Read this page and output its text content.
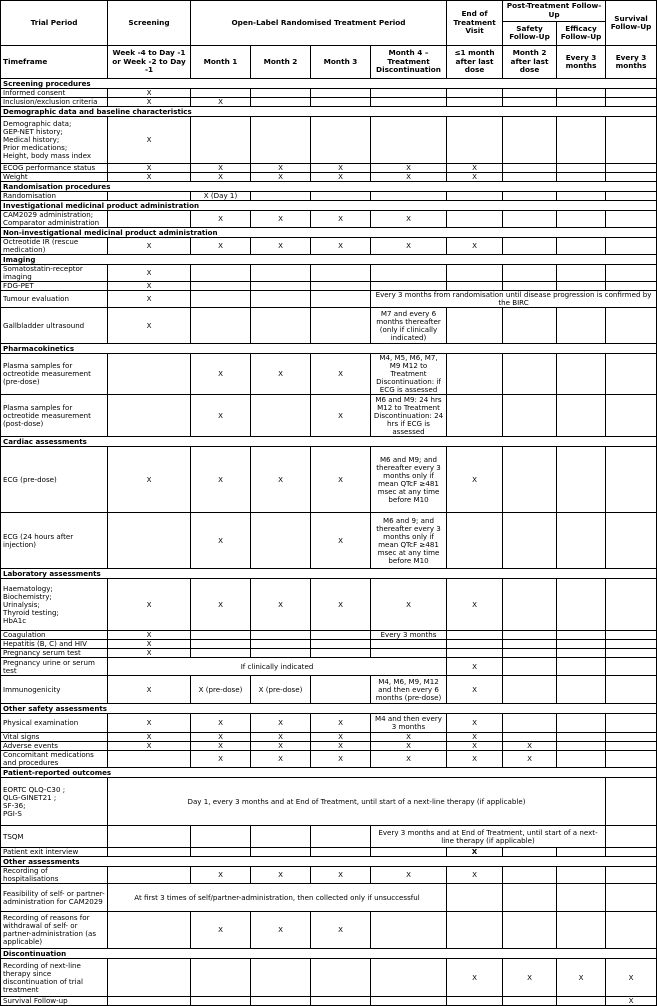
Trial Period	Screening	Open-Label Randomised Treatment Period				End of Treatment Visit	Post-Treatment Follow-Up		Survival Follow-Up
							Safety Follow-Up	Efficacy Follow-Up	
Timeframe	Week -4 to Day -1 or Week -2 to Day -1	Month 1	Month 2	Month 3	Month 4 – Treatment Discontinuation	≤1 month after last dose	Month 2 after last dose	Every 3 months	Every 3 months
Screening procedures									
Informed consent	X								
Inclusion/exclusion criteria	X	X							
Demographic data and baseline characteristics									
Demographic data;
GEP-NET history;
Medical history;
Prior medications;
Height, body mass index	X								
ECOG performance status	X	X	X	X	X	X			
Weight	X	X	X	X	X	X			
Randomisation procedures									
Randomisation		X (Day 1)							
Investigational medicinal product administration									
CAM2029 administration;
Comparator administration		X	X	X	X				
Non-investigational medicinal product administration									
Octreotide IR (rescue medication)	X	X	X	X	X	X			
Imaging									
Somatostatin-receptor imaging	X								
FDG-PET	X								
Tumour evaluation	X				Every 3 months from randomisation until disease progression is confirmed by the BIRC				
Gallbladder ultrasound	X				M7 and every 6 months thereafter (only if clinically indicated)				
Pharmacokinetics									
Plasma samples for octreotide measurement (pre-dose)		X	X	X	M4, M5, M6, M7, M9 M12 to Treatment Discontinuation: if ECG is assessed				
Plasma samples for octreotide measurement (post-dose)		X		X	M6 and M9: 24 hrs M12 to Treatment Discontinuation: 24 hrs if ECG is assessed				
Cardiac assessments									
ECG (pre-dose)	X	X	X	X	M6 and M9; and thereafter every 3 months only if mean QTcF ≥481 msec at any time before M10	X			
ECG (24 hours after injection)		X		X	M6 and 9; and thereafter every 3 months only if mean QTcF ≥481 msec at any time before M10				
Laboratory assessments									
Haematology;
Biochemistry;
Urinalysis;
Thyroid testing;
HbA1c	X	X	X	X	X	X			
Coagulation	X				Every 3 months				
Hepatitis (B, C) and HIV	X								
Pregnancy serum test	X								
Pregnancy urine or serum test	If clinically indicated					X			
Immunogenicity	X	X (pre-dose)	X (pre-dose)		M4, M6, M9, M12 and then every 6 months (pre-dose)	X			
Other safety assessments									
Physical examination	X	X	X	X	M4 and then every 3 months	X			
Vital signs	X	X	X	X	X	X			
Adverse events	X	X	X	X	X	X	X		
Concomitant medications and procedures		X	X	X	X	X	X		
Patient-reported outcomes									
EORTC QLQ-C30 ;
QLG-GINET21 ;
SF-36;
PGI-S	Day 1, every 3 months and at End of Treatment, until start of a next-line therapy (if applicable)								
TSQM					Every 3 months and at End of Treatment, until start of a next-line therapy (if applicable)				
Patient exit interview						X			
Other assessments									
Recording of hospitalisations		X	X	X	X	X			
Feasibility of self- or partner- administration for CAM2029	At first 3 times of self/partner-administration, then collected only if unsuccessful								
Recording of reasons for withdrawal of self- or partner-administration (as applicable)		X	X	X					
Discontinuation									
Recording of next-line therapy since discontinuation of trial treatment						X	X	X	X
Survival Follow-up									X
